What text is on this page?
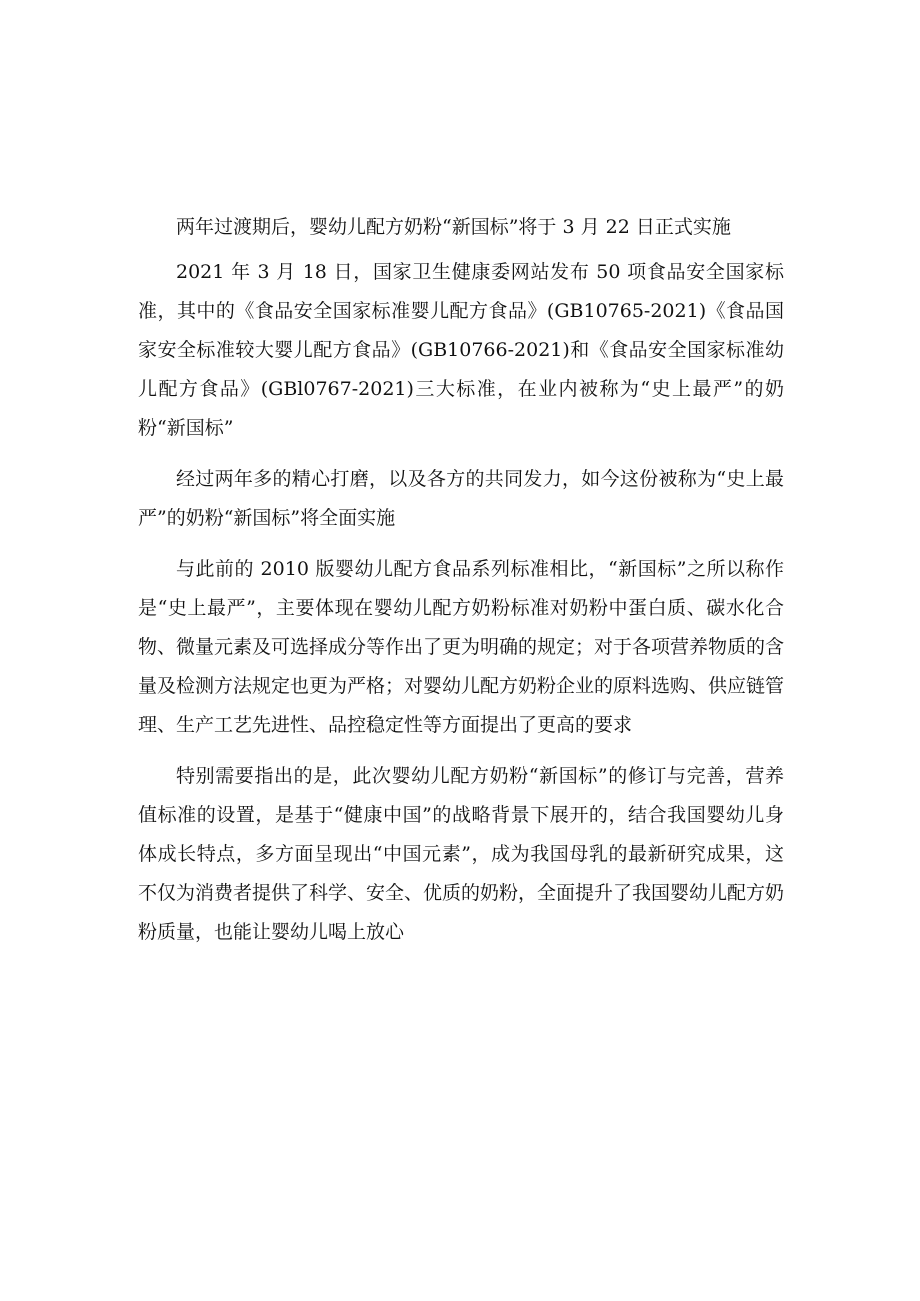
两年过渡期后，婴幼儿配方奶粉“新国标”将于 3 月 22 日正式实施

2021 年 3 月 18 日，国家卫生健康委网站发布 50 项食品安全国家标准，其中的《食品安全国家标准婴儿配方食品》(GB10765-2021)《食品国家安全标准较大婴儿配方食品》(GB10766-2021)和《食品安全国家标准幼儿配方食品》(GBl0767-2021)三大标准，在业内被称为“史上最严”的奶粉“新国标”

经过两年多的精心打磨，以及各方的共同发力，如今这份被称为“史上最严”的奶粉“新国标”将全面实施

与此前的 2010 版婴幼儿配方食品系列标准相比，“新国标”之所以称作是“史上最严”，主要体现在婴幼儿配方奶粉标准对奶粉中蛋白质、碳水化合物、微量元素及可选择成分等作出了更为明确的规定；对于各项营养物质的含量及检测方法规定也更为严格；对婴幼儿配方奶粉企业的原料选购、供应链管理、生产工艺先进性、品控稳定性等方面提出了更高的要求

特别需要指出的是，此次婴幼儿配方奶粉“新国标”的修订与完善，营养值标准的设置，是基于“健康中国”的战略背景下展开的，结合我国婴幼儿身体成长特点，多方面呈现出“中国元素”，成为我国母乳的最新研究成果，这不仅为消费者提供了科学、安全、优质的奶粉，全面提升了我国婴幼儿配方奶粉质量，也能让婴幼儿喝上放心
